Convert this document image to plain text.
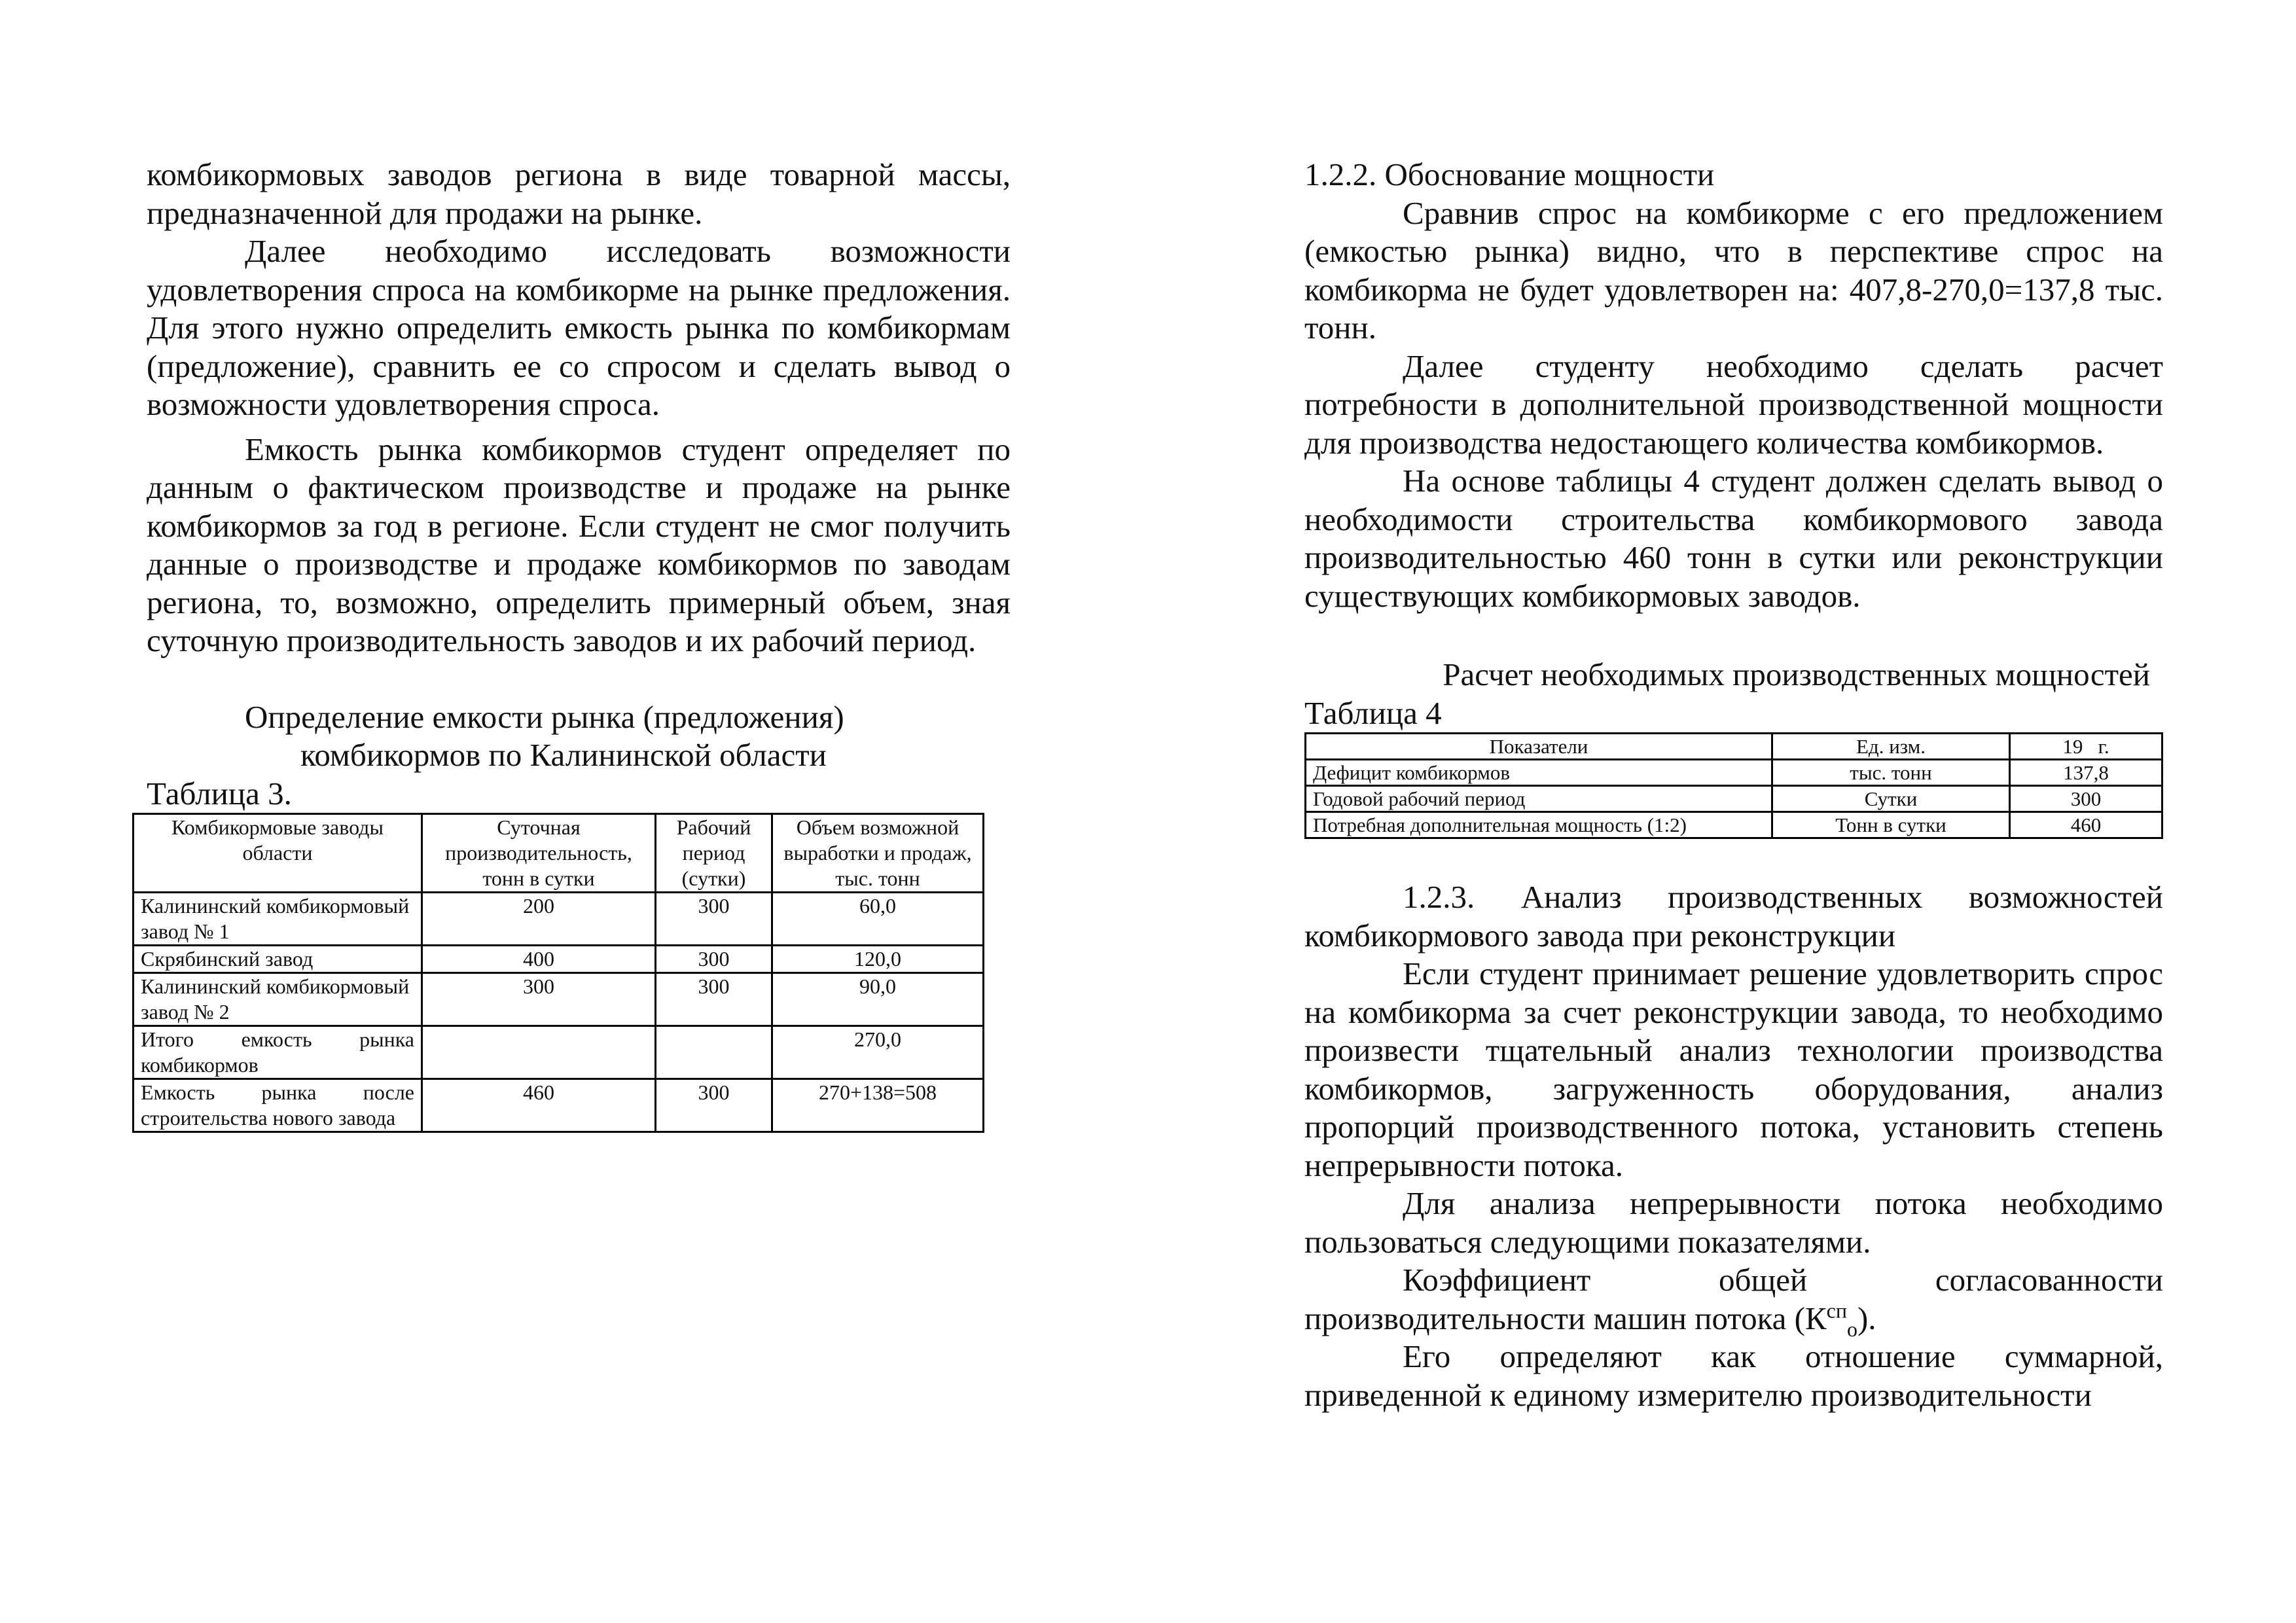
комбикормовых заводов региона в виде товарной массы, предназначенной для продажи на рынке.

Далее необходимо исследовать возможности удовлетворения спроса на комбикорме на рынке предложения. Для этого нужно определить емкость рынка по комбикормам (предложение), сравнить ее со спросом и сделать вывод о возможности удовлетворения спроса.

Емкость рынка комбикормов студент определяет по данным о фактическом производстве и продаже на рынке комбикормов за год в регионе. Если студент не смог получить данные о производстве и продаже комбикормов по заводам региона, то, возможно, определить примерный объем, зная суточную производительность заводов и их рабочий период.

Определение емкости рынка (предложения)

комбикормов по Калининской области

Таблица 3.

Комбикормовые заводы области	Суточная производительность, тонн в сутки	Рабочий период (сутки)	Объем возможной выработки и продаж, тыс. тонн
Калининский комбикормовый завод № 1	200	300	60,0
Скрябинский завод	400	300	120,0
Калининский комбикормовый завод № 2	300	300	90,0
Итого емкость рынка комбикормов			270,0
Емкость рынка после строительства нового завода	460	300	270+138=508

1.2.2. Обоснование мощности

Сравнив спрос на комбикорме с его предложением (емкостью рынка) видно, что в перспективе спрос на комбикорма не будет удовлетворен на: 407,8-270,0=137,8 тыс. тонн.

Далее студенту необходимо сделать расчет потребности в дополнительной производственной мощности для производства недостающего количества комбикормов.

На основе таблицы 4 студент должен сделать вывод о необходимости строительства комбикормового завода производительностью 460 тонн в сутки или реконструкции существующих комбикормовых заводов.

Расчет необходимых производственных мощностей

Таблица 4

Показатели	Ед. изм.	19   г.
Дефицит комбикормов	тыс. тонн	137,8
Годовой рабочий период	Сутки	300
Потребная дополнительная мощность (1:2)	Тонн в сутки	460

1.2.3. Анализ производственных возможностей комбикормового завода при реконструкции

Если студент принимает решение удовлетворить спрос на комбикорма за счет реконструкции завода, то необходимо произвести тщательный анализ технологии производства комбикормов, загруженность оборудования, анализ пропорций производственного потока, установить степень непрерывности потока.

Для анализа непрерывности потока необходимо пользоваться следующими показателями.

Коэффициент общей согласованности производительности машин потока $(К^{сп}_о)$.

Его определяют как отношение суммарной, приведенной к единому измерителю производительности
